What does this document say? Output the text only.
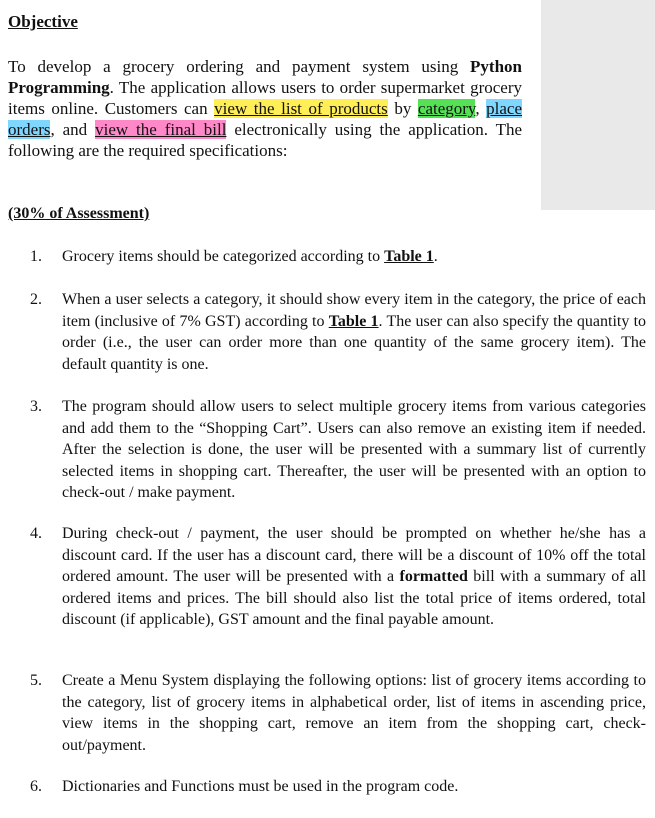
Objective
To develop a grocery ordering and payment system using Python Programming. The application allows users to order supermarket grocery items online. Customers can view the list of products by category, place orders, and view the final bill electronically using the application. The following are the required specifications:
(30% of Assessment)
1.	Grocery items should be categorized according to Table 1.
2.	When a user selects a category, it should show every item in the category, the price of each item (inclusive of 7% GST) according to Table 1. The user can also specify the quantity to order (i.e., the user can order more than one quantity of the same grocery item). The default quantity is one.
3.	The program should allow users to select multiple grocery items from various categories and add them to the “Shopping Cart”. Users can also remove an existing item if needed. After the selection is done, the user will be presented with a summary list of currently selected items in shopping cart. Thereafter, the user will be presented with an option to check-out / make payment.
4.	During check-out / payment, the user should be prompted on whether he/she has a discount card. If the user has a discount card, there will be a discount of 10% off the total ordered amount. The user will be presented with a formatted bill with a summary of all ordered items and prices. The bill should also list the total price of items ordered, total discount (if applicable), GST amount and the final payable amount.
5.	Create a Menu System displaying the following options: list of grocery items according to the category, list of grocery items in alphabetical order, list of items in ascending price, view items in the shopping cart, remove an item from the shopping cart, check-out/payment.
6.	Dictionaries and Functions must be used in the program code.
